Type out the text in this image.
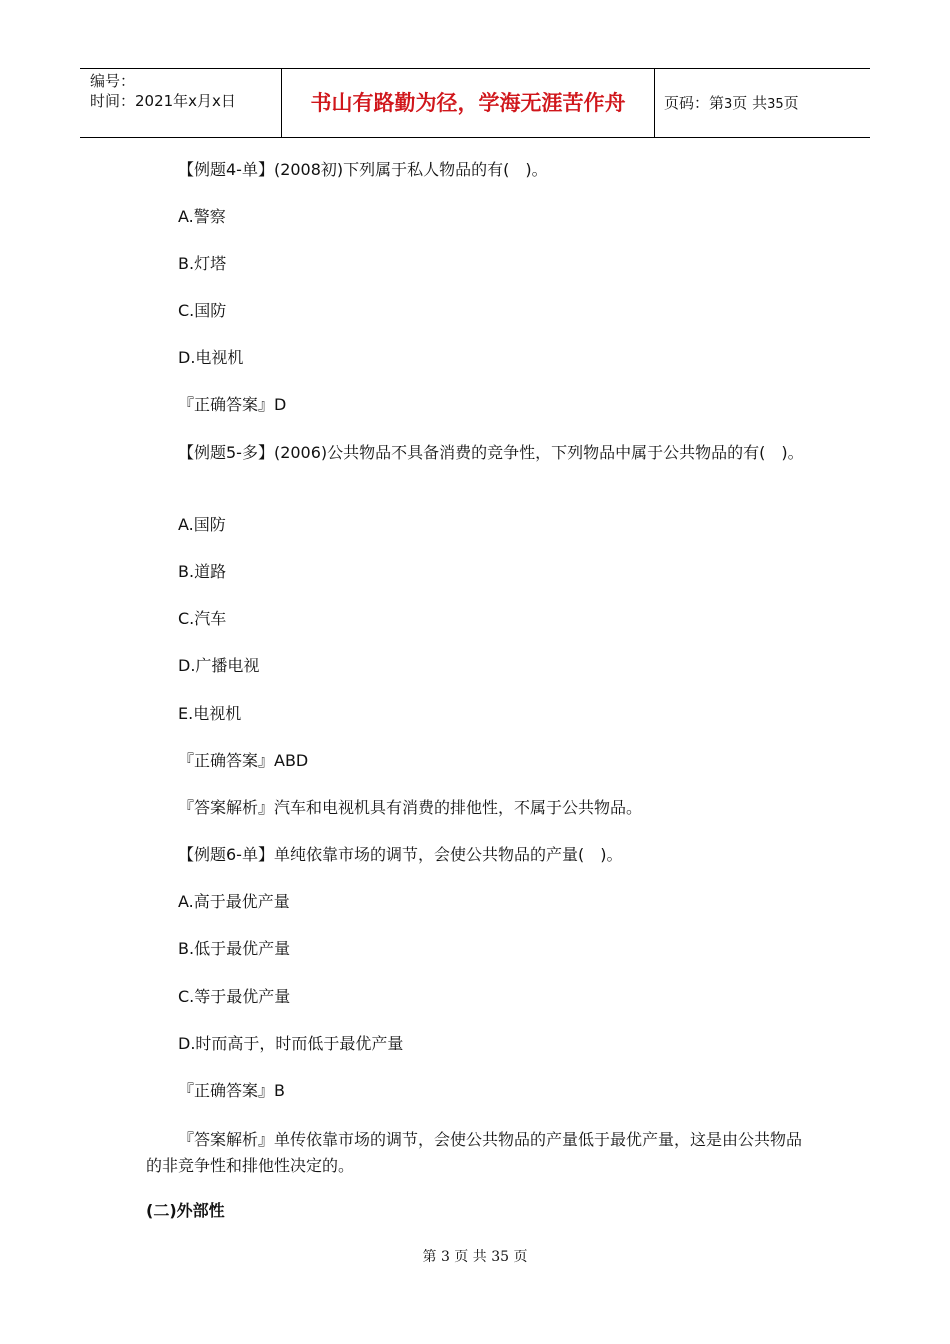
编号：
时间：2021年x月x日	书山有路勤为径，学海无涯苦作舟	页码：第3页 共35页
【例题4-单】(2008初)下列属于私人物品的有(　)。
A.警察
B.灯塔
C.国防
D.电视机
『正确答案』D
【例题5-多】(2006)公共物品不具备消费的竞争性，下列物品中属于公共物品的有(　)。
A.国防
B.道路
C.汽车
D.广播电视
E.电视机
『正确答案』ABD
『答案解析』汽车和电视机具有消费的排他性，不属于公共物品。
【例题6-单】单纯依靠市场的调节，会使公共物品的产量(　)。
A.高于最优产量
B.低于最优产量
C.等于最优产量
D.时而高于，时而低于最优产量
『正确答案』B
『答案解析』单传依靠市场的调节，会使公共物品的产量低于最优产量，这是由公共物品的非竞争性和排他性决定的。
(二)外部性
第 3 页 共 35 页
